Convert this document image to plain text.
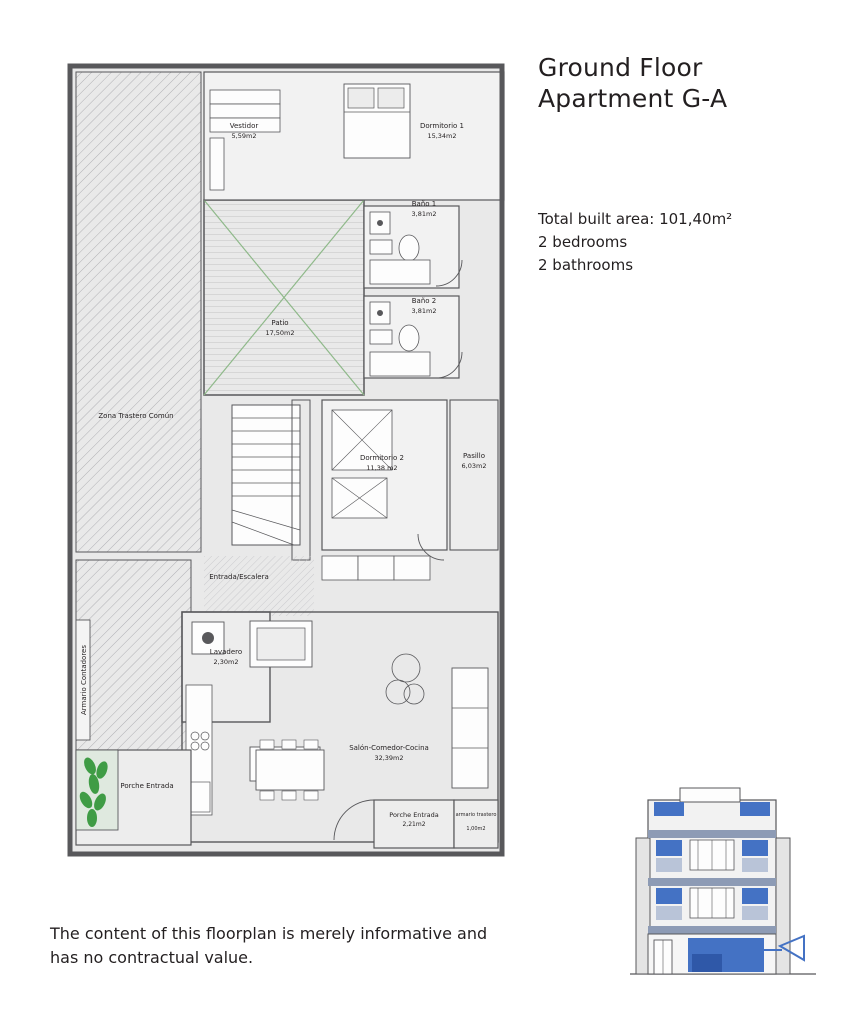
Ground Floor
Apartment G-A
Total built area: 101,40m²
2 bedrooms
2 bathrooms
The content of this floorplan is merely informative and
has no contractual value.
Vestidor
5,59m2
Dormitorio 1
15,34m2
Baño 1
3,81m2
Baño 2
3,81m2
Patio
17,50m2
Zona Trastero Común
Dormitorio 2
11,38 m2
Pasillo
6,03m2
Entrada/Escalera
Lavadero
2,30m2
Salón-Comedor-Cocina
32,39m2
Porche Entrada
Porche Entrada
2,21m2
armario trastero
1,00m2
Armario Contadores
